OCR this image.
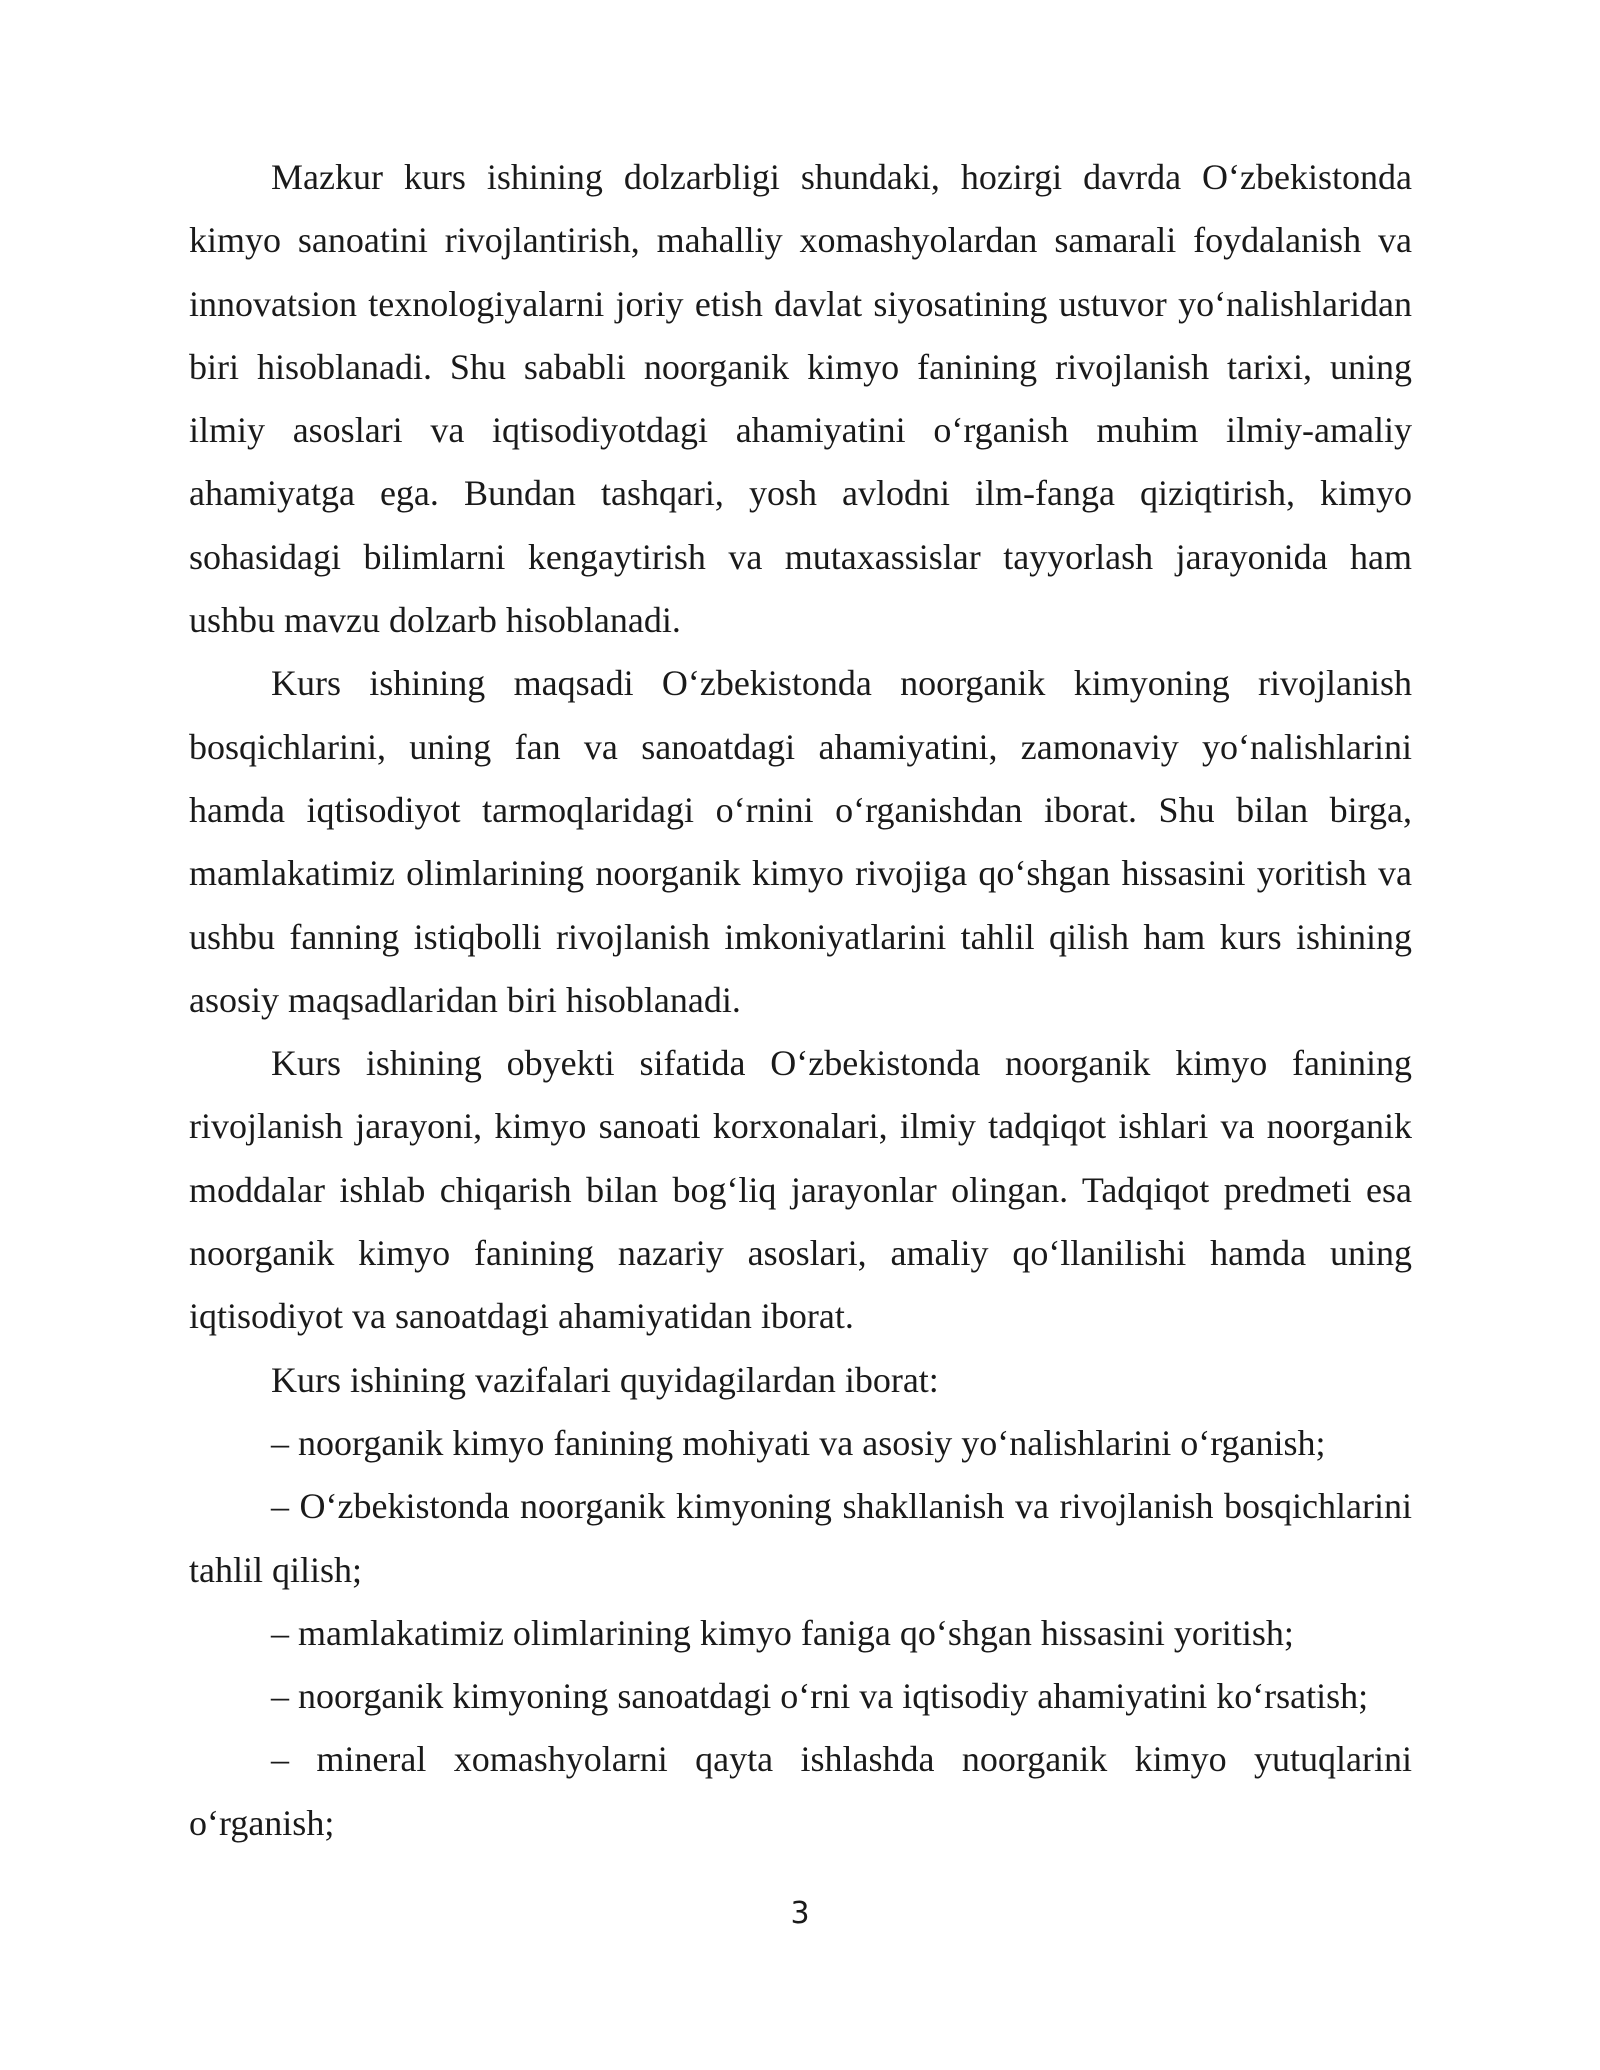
Mazkur kurs ishining dolzarbligi shundaki, hozirgi davrda O‘zbekistonda kimyo sanoatini rivojlantirish, mahalliy xomashyolardan samarali foydalanish va innovatsion texnologiyalarni joriy etish davlat siyosatining ustuvor yo‘nalishlaridan biri hisoblanadi. Shu sababli noorganik kimyo fanining rivojlanish tarixi, uning ilmiy asoslari va iqtisodiyotdagi ahamiyatini o‘rganish muhim ilmiy-amaliy ahamiyatga ega. Bundan tashqari, yosh avlodni ilm-fanga qiziqtirish, kimyo sohasidagi bilimlarni kengaytirish va mutaxassislar tayyorlash jarayonida ham ushbu mavzu dolzarb hisoblanadi.

Kurs ishining maqsadi O‘zbekistonda noorganik kimyoning rivojlanish bosqichlarini, uning fan va sanoatdagi ahamiyatini, zamonaviy yo‘nalishlarini hamda iqtisodiyot tarmoqlaridagi o‘rnini o‘rganishdan iborat. Shu bilan birga, mamlakatimiz olimlarining noorganik kimyo rivojiga qo‘shgan hissasini yoritish va ushbu fanning istiqbolli rivojlanish imkoniyatlarini tahlil qilish ham kurs ishining asosiy maqsadlaridan biri hisoblanadi.

Kurs ishining obyekti sifatida O‘zbekistonda noorganik kimyo fanining rivojlanish jarayoni, kimyo sanoati korxonalari, ilmiy tadqiqot ishlari va noorganik moddalar ishlab chiqarish bilan bog‘liq jarayonlar olingan. Tadqiqot predmeti esa noorganik kimyo fanining nazariy asoslari, amaliy qo‘llanilishi hamda uning iqtisodiyot va sanoatdagi ahamiyatidan iborat.

Kurs ishining vazifalari quyidagilardan iborat:

– noorganik kimyo fanining mohiyati va asosiy yo‘nalishlarini o‘rganish;

– O‘zbekistonda noorganik kimyoning shakllanish va rivojlanish bosqichlarini tahlil qilish;

– mamlakatimiz olimlarining kimyo faniga qo‘shgan hissasini yoritish;

– noorganik kimyoning sanoatdagi o‘rni va iqtisodiy ahamiyatini ko‘rsatish;

– mineral xomashyolarni qayta ishlashda noorganik kimyo yutuqlarini o‘rganish;

3
